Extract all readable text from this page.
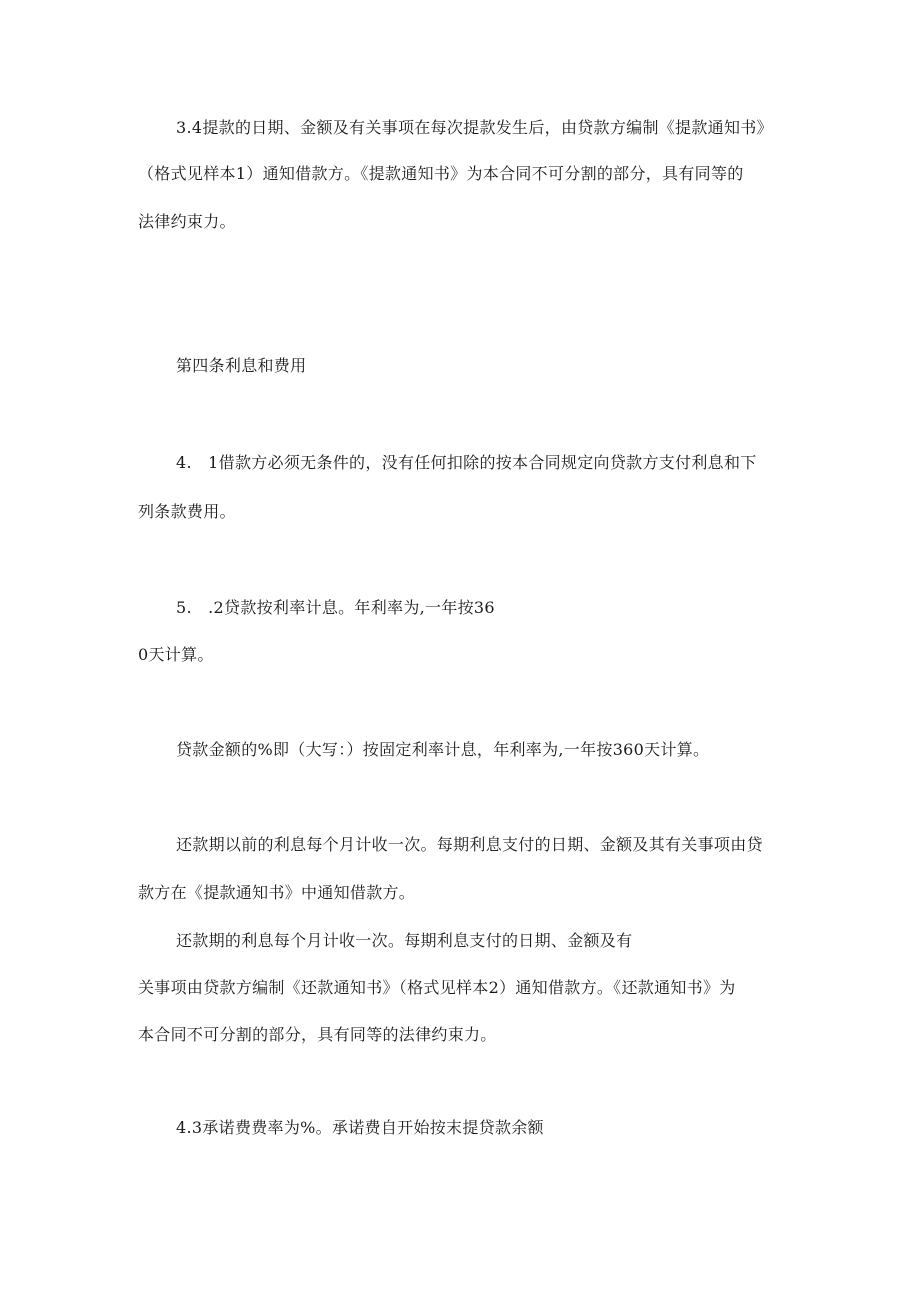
3.4提款的日期、金额及有关事项在每次提款发生后，由贷款方编制《提款通知书》

（格式见样本1）通知借款方。《提款通知书》为本合同不可分割的部分，具有同等的

法律约束力。

第四条利息和费用

4.　1借款方必须无条件的，没有任何扣除的按本合同规定向贷款方支付利息和下

列条款费用。

5.　.2贷款按利率计息。年利率为,一年按36

0天计算。

贷款金额的%即（大写：）按固定利率计息，年利率为,一年按360天计算。

还款期以前的利息每个月计收一次。每期利息支付的日期、金额及其有关事项由贷

款方在《提款通知书》中通知借款方。

还款期的利息每个月计收一次。每期利息支付的日期、金额及有

关事项由贷款方编制《还款通知书》（格式见样本2）通知借款方。《还款通知书》为

本合同不可分割的部分，具有同等的法律约束力。

4.3承诺费费率为%。承诺费自开始按末提贷款余额
